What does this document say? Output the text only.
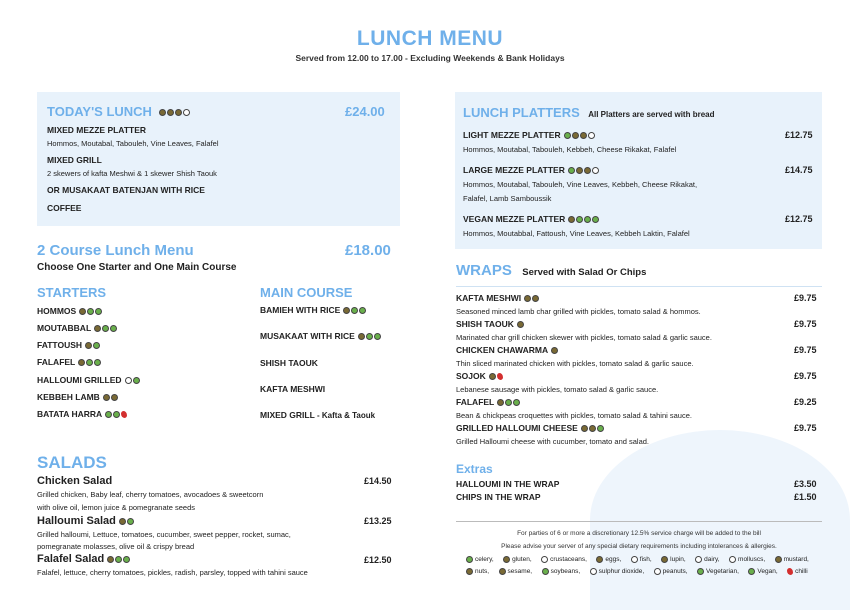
LUNCH MENU
Served from 12.00 to 17.00 - Excluding Weekends & Bank Holidays
TODAY'S LUNCH	£24.00
MIXED MEZZE PLATTER
Hommos, Moutabal, Tabouleh, Vine Leaves, Falafel
MIXED GRILL
2 skewers of kafta Meshwi & 1 skewer Shish Taouk
OR MUSAKAAT BATENJAN WITH RICE
COFFEE
2 Course Lunch Menu	£18.00
Choose One Starter and One Main Course
STARTERS
HOMMOS
MOUTABBAL
FATTOUSH
FALAFEL
HALLOUMI GRILLED
KEBBEH LAMB
BATATA HARRA
MAIN COURSE
BAMIEH WITH RICE
MUSAKAAT WITH RICE
SHISH TAOUK
KAFTA MESHWI
MIXED GRILL - Kafta & Taouk
SALADS
Chicken Salad	£14.50
Grilled chicken, Baby leaf, cherry tomatoes, avocadoes & sweetcorn
with olive oil, lemon juice & pomegranate seeds
Halloumi Salad	£13.25
Grilled halloumi, Lettuce, tomatoes, cucumber, sweet pepper, rocket, sumac,
pomegranate molasses, olive oil & crispy bread
Falafel Salad	£12.50
Falafel, lettuce, cherry tomatoes, pickles, radish, parsley, topped with tahini sauce
LUNCH PLATTERS All Platters are served with bread
LIGHT MEZZE PLATTER	£12.75
Hommos, Moutabal, Tabouleh, Kebbeh, Cheese Rikakat, Falafel
LARGE MEZZE PLATTER	£14.75
Hommos, Moutabal, Tabouleh, Vine Leaves, Kebbeh, Cheese Rikakat,
Falafel, Lamb Samboussik
VEGAN MEZZE PLATTER	£12.75
Hommos, Moutabbal, Fattoush, Vine Leaves, Kebbeh Laktin, Falafel
WRAPS Served with Salad Or Chips
KAFTA MESHWI	£9.75
Seasoned minced lamb char grilled with pickles, tomato salad & hommos.
SHISH TAOUK	£9.75
Marinated char grill chicken skewer with pickles, tomato salad & garlic sauce.
CHICKEN CHAWARMA	£9.75
Thin sliced marinated chicken with pickles, tomato salad & garlic sauce.
SOJOK	£9.75
Lebanese sausage with pickles, tomato salad & garlic sauce.
FALAFEL	£9.25
Bean & chickpeas croquettes with pickles, tomato salad & tahini sauce.
GRILLED HALLOUMI CHEESE	£9.75
Grilled Halloumi cheese with cucumber, tomato and salad.
Extras
HALLOUMI IN THE WRAP	£3.50
CHIPS IN THE WRAP	£1.50
For parties of 6 or more a discretionary 12.5% service charge will be added to the bill
Please advise your server of any special dietary requirements including intolerances & allergies.
celery,
	gluten,
	crustaceans,
	eggs,
	fish,
	lupin,
	dairy,
	molluscs,
	mustard,

nuts,
	sesame,
	soybeans,
	sulphur dioxide,
	peanuts,
	Vegetarian,
	Vegan,
	chilli
